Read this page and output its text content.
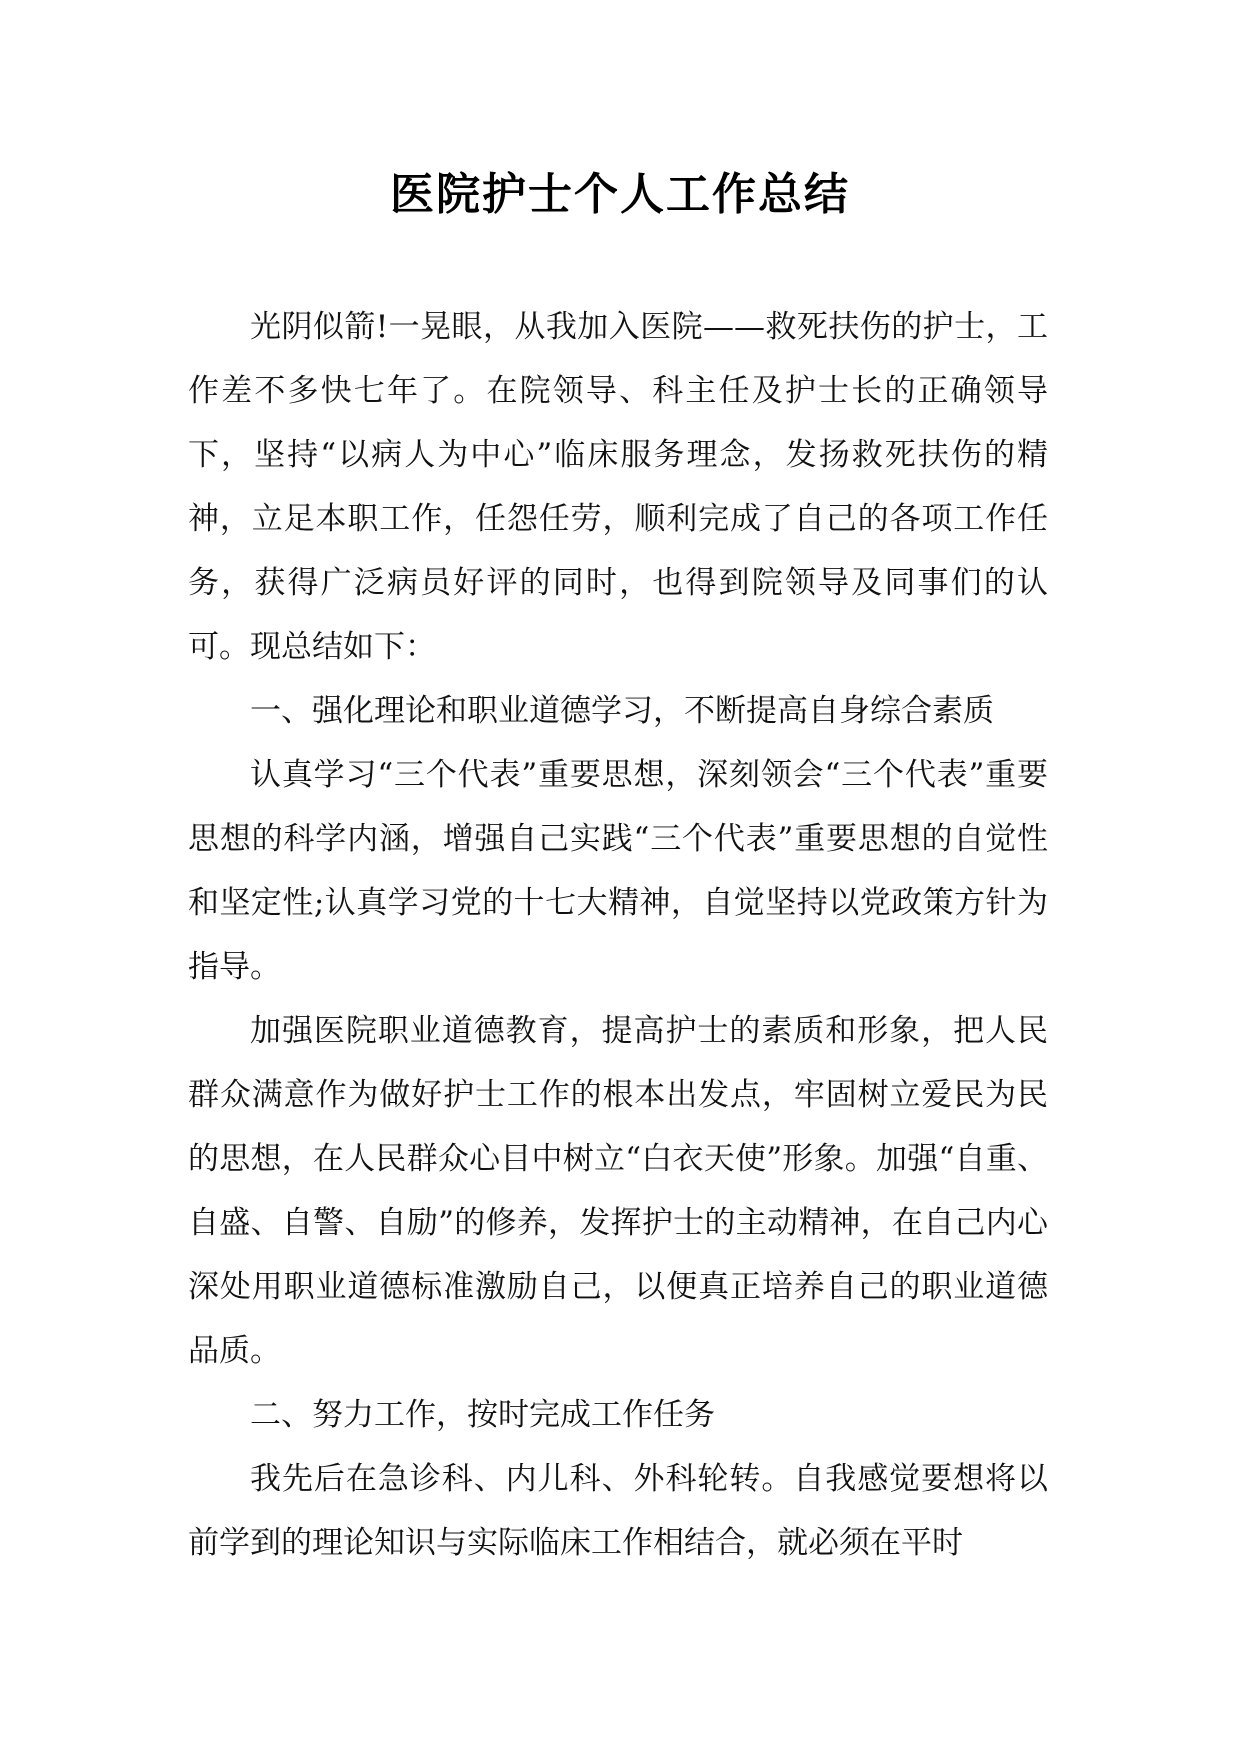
医院护士个人工作总结

光阴似箭!一晃眼，从我加入医院——救死扶伤的护士，工作差不多快七年了。在院领导、科主任及护士长的正确领导下，坚持“以病人为中心”临床服务理念，发扬救死扶伤的精神，立足本职工作，任怨任劳，顺利完成了自己的各项工作任务，获得广泛病员好评的同时，也得到院领导及同事们的认可。现总结如下：

一、强化理论和职业道德学习，不断提高自身综合素质

认真学习“三个代表”重要思想，深刻领会“三个代表”重要思想的科学内涵，增强自己实践“三个代表”重要思想的自觉性和坚定性;认真学习党的十七大精神，自觉坚持以党政策方针为指导。

加强医院职业道德教育，提高护士的素质和形象，把人民群众满意作为做好护士工作的根本出发点，牢固树立爱民为民的思想，在人民群众心目中树立“白衣天使”形象。加强“自重、自盛、自警、自励”的修养，发挥护士的主动精神，在自己内心深处用职业道德标准激励自己，以便真正培养自己的职业道德品质。

二、努力工作，按时完成工作任务

我先后在急诊科、内儿科、外科轮转。自我感觉要想将以前学到的理论知识与实际临床工作相结合，就必须在平时
